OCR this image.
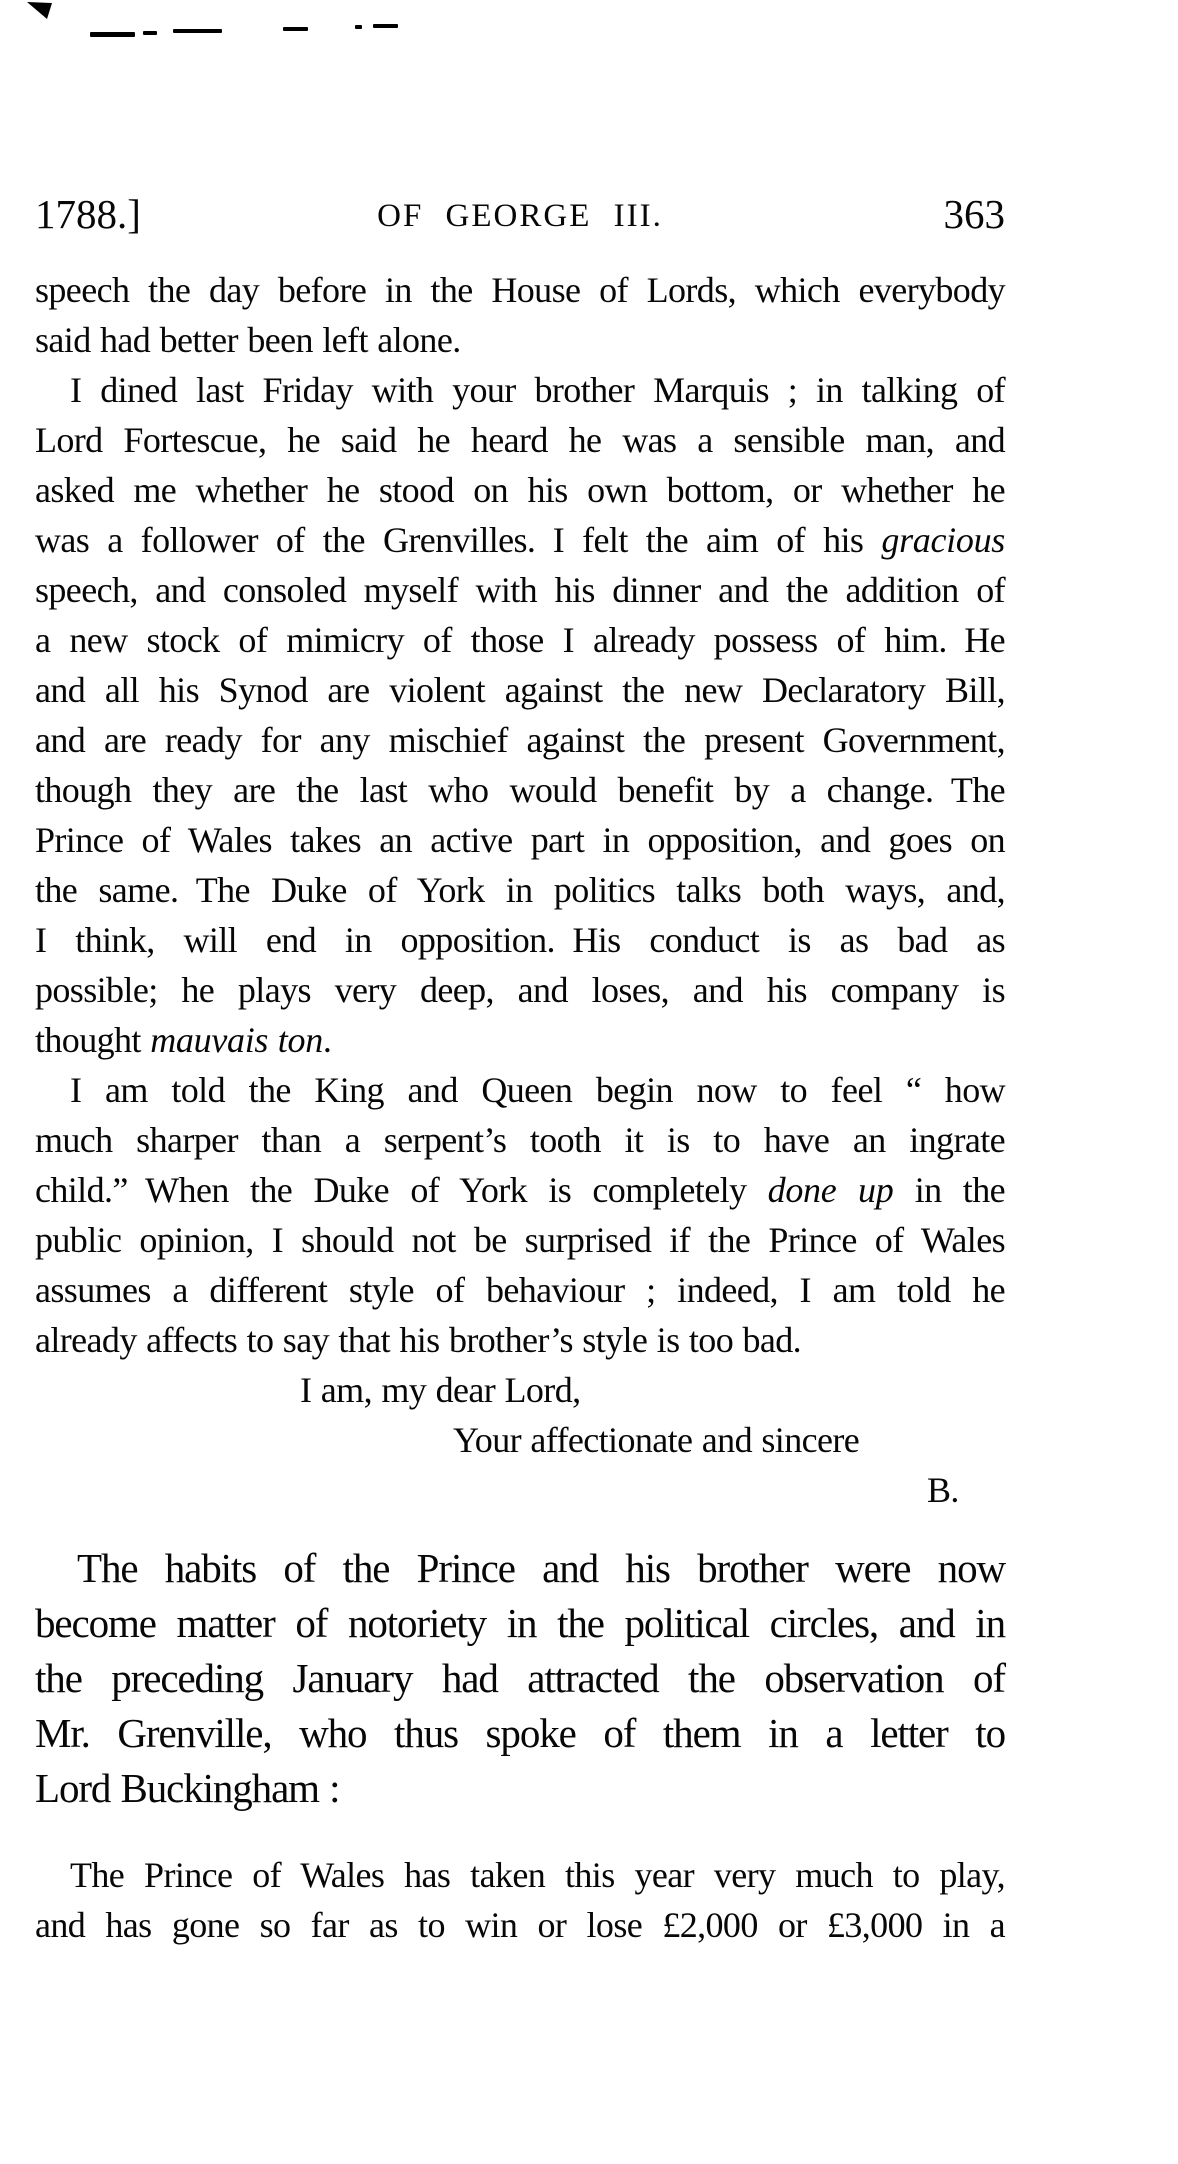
1788.]	OF GEORGE III.	363
speech the day before in the House of Lords, which everybody
said had better been left alone.
I dined last Friday with your brother Marquis ; in talking of
Lord Fortescue, he said he heard he was a sensible man, and
asked me whether he stood on his own bottom, or whether he
was a follower of the Grenvilles. I felt the aim of his gracious
speech, and consoled myself with his dinner and the addition of
a new stock of mimicry of those I already possess of him. He
and all his Synod are violent against the new Declaratory Bill,
and are ready for any mischief against the present Government,
though they are the last who would benefit by a change. The
Prince of Wales takes an active part in opposition, and goes on
the same. The Duke of York in politics talks both ways, and,
I think, will end in opposition. His conduct is as bad as
possible; he plays very deep, and loses, and his company is
thought mauvais ton.
I am told the King and Queen begin now to feel “ how
much sharper than a serpent’s tooth it is to have an ingrate
child.” When the Duke of York is completely done up in the
public opinion, I should not be surprised if the Prince of Wales
assumes a different style of behaviour ; indeed, I am told he
already affects to say that his brother’s style is too bad.
I am, my dear Lord,
Your affectionate and sincere
B.
The habits of the Prince and his brother were now
become matter of notoriety in the political circles, and in
the preceding January had attracted the observation of
Mr. Grenville, who thus spoke of them in a letter to
Lord Buckingham :
The Prince of Wales has taken this year very much to play,
and has gone so far as to win or lose £2,000 or £3,000 in a
